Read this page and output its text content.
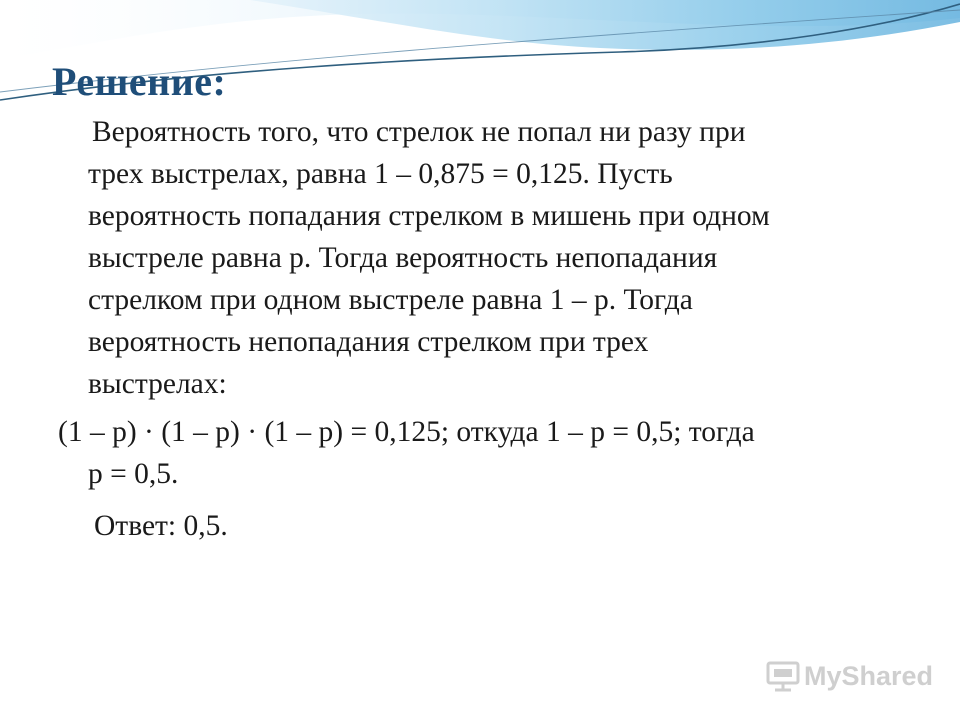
Решение:
Вероятность того, что стрелок не попал ни разу при
трех выстрелах, равна 1 – 0,875 = 0,125. Пусть
вероятность попадания стрелком в мишень при одном
выстреле равна р. Тогда вероятность непопадания
стрелком при одном выстреле равна 1 – р. Тогда
вероятность непопадания стрелком при трех
выстрелах:
(1 – р) · (1 – р) · (1 – р) = 0,125; откуда 1 – р = 0,5; тогда
р = 0,5.
Ответ: 0,5.
MyShared
